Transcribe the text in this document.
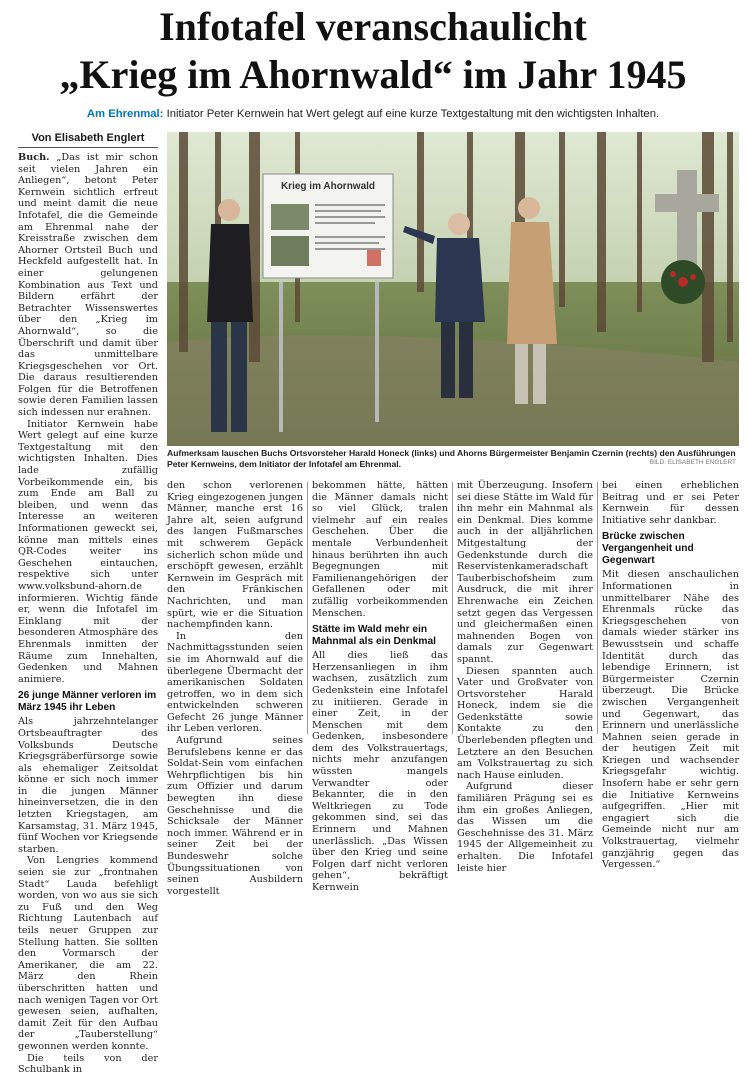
Infotafel veranschaulicht
„Krieg im Ahornwald“ im Jahr 1945
Am Ehrenmal: Initiator Peter Kernwein hat Wert gelegt auf eine kurze Textgestaltung mit den wichtigsten Inhalten.
Von Elisabeth Englert

Buch. „Das ist mir schon seit vielen Jahren ein Anliegen“, betont Peter Kernwein sichtlich erfreut und meint damit die neue Infotafel, die die Gemeinde am Ehrenmal nahe der Kreisstraße zwischen dem Ahorner Ortsteil Buch und Heckfeld aufgestellt hat. In einer gelungenen Kombination aus Text und Bildern erfährt der Betrachter Wissenswertes über den „Krieg im Ahornwald“, so die Überschrift und damit über das unmittelbare Kriegsgeschehen vor Ort. Die daraus resultierenden Folgen für die Betroffenen sowie deren Familien lassen sich indessen nur erahnen.

Initiator Kernwein habe Wert gelegt auf eine kurze Textgestaltung mit den wichtigsten Inhalten. Dies lade zufällig Vorbeikommende ein, bis zum Ende am Ball zu bleiben, und wenn das Interesse an weiteren Informationen geweckt sei, könne man mittels eines QR-Codes weiter ins Geschehen eintauchen, respektive sich unter www.volksbund-ahorn.de informieren. Wichtig fände er, wenn die Infotafel im Einklang mit der besonderen Atmosphäre des Ehrenmals inmitten der Räume zum Innehalten, Gedenken und Mahnen animiere.

26 junge Männer verloren im März 1945 ihr Leben

Als jahrzehntelanger Ortsbeauftragter des Volksbunds Deutsche Kriegsgräberfürsorge sowie als ehemaliger Zeitsoldat könne er sich noch immer in die jungen Männer hineinversetzen, die in den letzten Kriegstagen, am Karsamstag, 31. März 1945, fünf Wochen vor Kriegsende starben.

Von Lengries kommend seien sie zur „frontnahen Stadt“ Lauda befehligt worden, von wo aus sie sich zu Fuß und den Weg Richtung Lautenbach auf teils neuer Gruppen zur Stellung hatten. Sie sollten den Vormarsch der Amerikaner, die am 22. März den Rhein überschritten hatten und nach wenigen Tagen vor Ort gewesen seien, aufhalten, damit Zeit für den Aufbau der „Tauberstellung“ gewonnen werden konnte.

Die teils von der Schulbank in

Krieg im Ahornwald
Aufmerksam lauschen Buchs Ortsvorsteher Harald Honeck (links) und Ahorns Bürgermeister Benjamin Czernin (rechts) den Ausführungen Peter Kernweins, dem Initiator der Infotafel am Ehrenmal.	BILD: ELISABETH ENGLERT

den schon verlorenen Krieg eingezogenen jungen Männer, manche erst 16 Jahre alt, seien aufgrund des langen Fußmarsches mit schwerem Gepäck sicherlich schon müde und erschöpft gewesen, erzählt Kernwein im Gespräch mit den Fränkischen Nachrichten, und man spürt, wie er die Situation nachempfinden kann.

In den Nachmittagsstunden seien sie im Ahornwald auf die überlegene Übermacht der amerikanischen Soldaten getroffen, wo in dem sich entwickelnden schweren Gefecht 26 junge Männer ihr Leben verloren.

Aufgrund seines Berufslebens kenne er das Soldat-Sein vom einfachen Wehrpflichtigen bis hin zum Offizier und darum bewegten ihn diese Geschehnisse und die Schicksale der Männer noch immer. Während er in seiner Zeit bei der Bundeswehr solche Übungssituationen von seinen Ausbildern vorgestellt

bekommen hätte, hätten die Männer damals nicht so viel Glück, tralen vielmehr auf ein reales Geschehen. Über die mentale Verbundenheit hinaus berührten ihn auch Begegnungen mit Familienangehörigen der Gefallenen oder mit zufällig vorbeikommenden Menschen.

Stätte im Wald mehr ein Mahnmal als ein Denkmal

All dies ließ das Herzensanliegen in ihm wachsen, zusätzlich zum Gedenkstein eine Infotafel zu initiieren. Gerade in einer Zeit, in der Menschen mit dem Gedenken, insbesondere dem des Volkstrauertags, nichts mehr anzufangen wüssten mangels Verwandter oder Bekannter, die in den Weltkriegen zu Tode gekommen sind, sei das Erinnern und Mahnen unerlässlich. „Das Wissen über den Krieg und seine Folgen darf nicht verloren gehen“, bekräftigt Kernwein

mit Überzeugung. Insofern sei diese Stätte im Wald für ihn mehr ein Mahnmal als ein Denkmal. Dies komme auch in der alljährlichen Mitgestaltung der Gedenkstunde durch die Reservistenkameradschaft Tauberbischofsheim zum Ausdruck, die mit ihrer Ehrenwache ein Zeichen setzt gegen das Vergessen und gleichermaßen einen mahnenden Bogen von damals zur Gegenwart spannt.

Diesen spannten auch Vater und Großvater von Ortsvorsteher Harald Honeck, indem sie die Gedenkstätte sowie Kontakte zu den Überlebenden pflegten und Letztere an den Besuchen am Volkstrauertag zu sich nach Hause einluden.

Aufgrund dieser familiären Prägung sei es ihm ein großes Anliegen, das Wissen um die Geschehnisse des 31. März 1945 der Allgemeinheit zu erhalten. Die Infotafel leiste hier

bei einen erheblichen Beitrag und er sei Peter Kernwein für dessen Initiative sehr dankbar.

Brücke zwischen Vergangenheit und Gegenwart

Mit diesen anschaulichen Informationen in unmittelbarer Nähe des Ehrenmals rücke das Kriegsgeschehen von damals wieder stärker ins Bewusstsein und schaffe Identität durch das lebendige Erinnern, ist Bürgermeister Czernin überzeugt. Die Brücke zwischen Vergangenheit und Gegenwart, das Erinnern und unerlässliche Mahnen seien gerade in der heutigen Zeit mit Kriegen und wachsender Kriegsgefahr wichtig. Insofern habe er sehr gern die Initiative Kernweins aufgegriffen. „Hier mit engagiert sich die Gemeinde nicht nur am Volkstrauertag, vielmehr ganzjährig gegen das Vergessen.“
